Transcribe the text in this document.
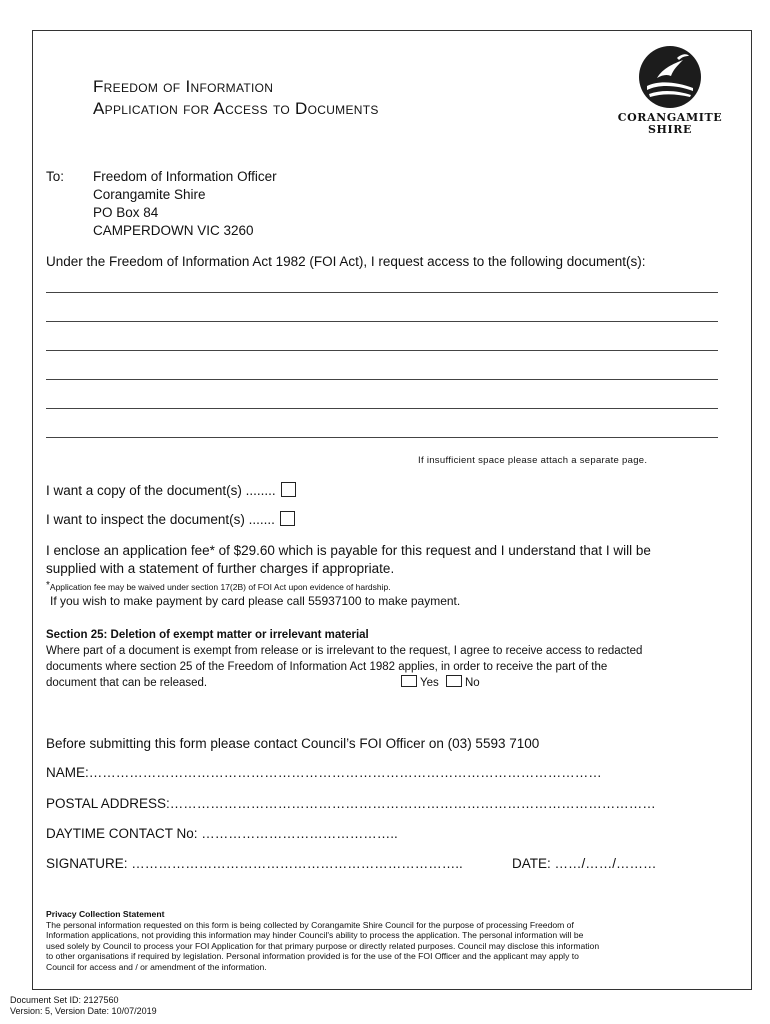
Freedom of Information
Application for Access to Documents	CORANGAMITE
SHIRE
To: Freedom of Information Officer
Corangamite Shire
PO Box 84
CAMPERDOWN VIC 3260
Under the Freedom of Information Act 1982 (FOI Act), I request access to the following document(s):
If insufficient space please attach a separate page.
I want a copy of the document(s) ........
I want to inspect the document(s) .......
I enclose an application fee* of $29.60 which is payable for this request and I understand that I will be
supplied with a statement of further charges if appropriate.
*Application fee may be waived under section 17(2B) of FOI Act upon evidence of hardship.
If you wish to make payment by card please call 55937100 to make payment.
Section 25: Deletion of exempt matter or irrelevant material
Where part of a document is exempt from release or is irrelevant to the request, I agree to receive access to redacted
documents where section 25 of the Freedom of Information Act 1982 applies, in order to receive the part of the
document that can be released.	Yes No
Before submitting this form please contact Council’s FOI Officer on (03) 5593 7100
NAME:……………………………………………………………………………………………………
POSTAL ADDRESS:………………………………………………………………………………………………
DAYTIME CONTACT No: ……………………………………..
SIGNATURE: ………………………………………………………………..	DATE: ……/……/………
Privacy Collection Statement
The personal information requested on this form is being collected by Corangamite Shire Council for the purpose of processing Freedom of
Information applications, not providing this information may hinder Council's ability to process the application. The personal information will be
used solely by Council to process your FOI Application for that primary purpose or directly related purposes. Council may disclose this information
to other organisations if required by legislation. Personal information provided is for the use of the FOI Officer and the applicant may apply to
Council for access and / or amendment of the information.
Document Set ID: 2127560
Version: 5, Version Date: 10/07/2019
